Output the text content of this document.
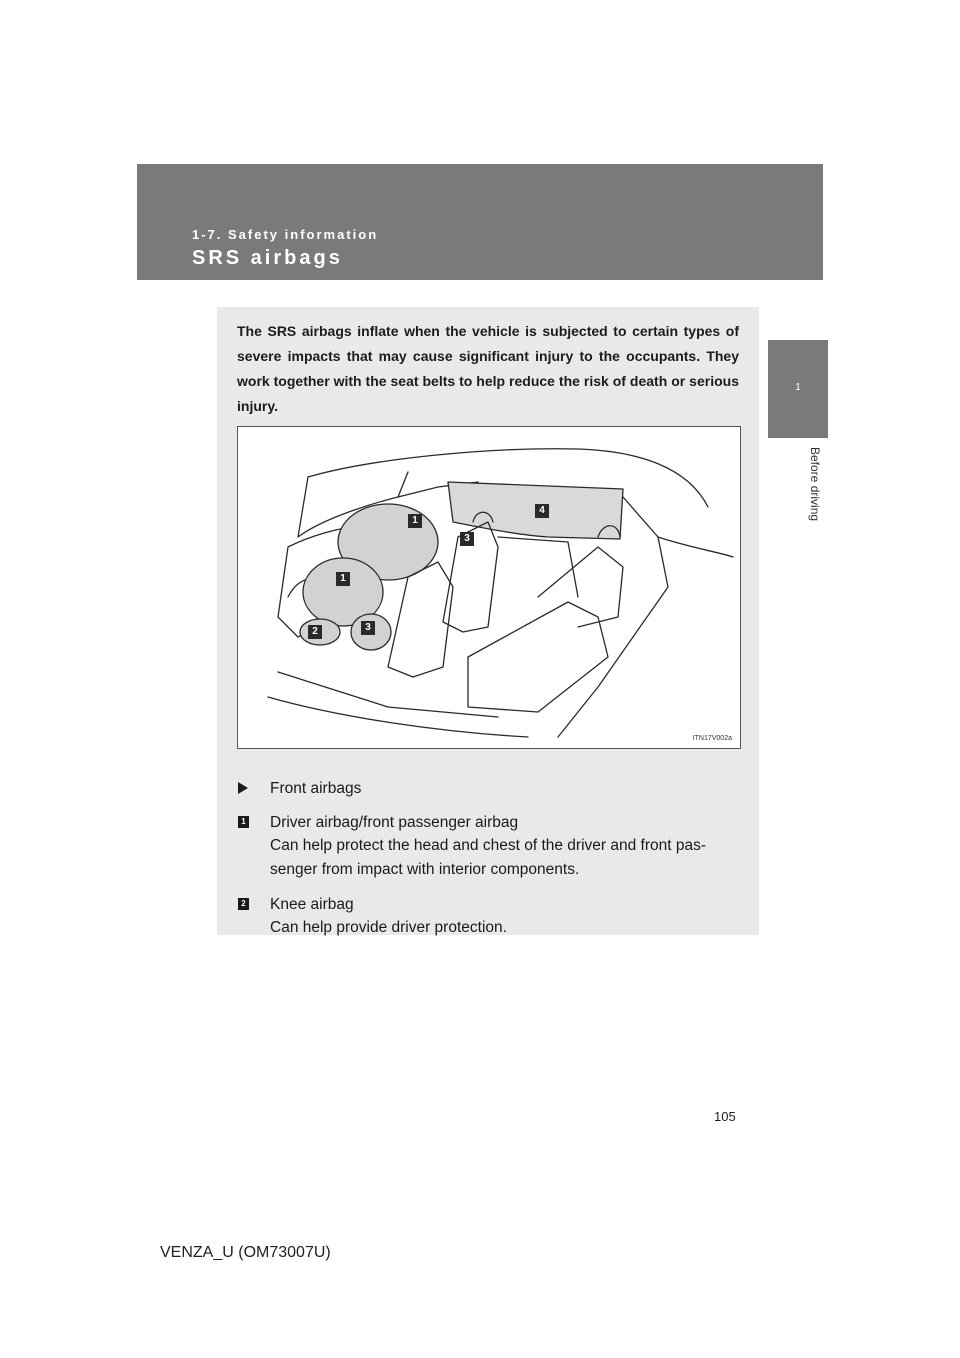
1-7. Safety information
SRS airbags
1
Before driving

The SRS airbags inflate when the vehicle is subjected to certain types of severe impacts that may cause significant injury to the occupants. They work together with the seat belts to help reduce the risk of death or serious injury.

1
1
2	3
3
4
ITN17V002a
Front airbags
1 Driver airbag/front passenger airbag
Can help protect the head and chest of the driver and front pas-
senger from impact with interior components.
2 Knee airbag
Can help provide driver protection.
105
VENZA_U (OM73007U)
